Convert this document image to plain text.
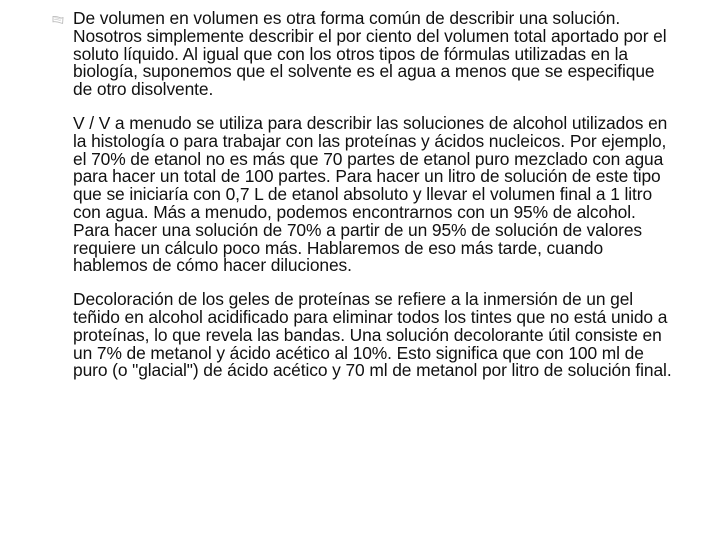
De volumen en volumen es otra forma común de describir una solución. Nosotros simplemente describir el por ciento del volumen total aportado por el soluto líquido. Al igual que con los otros tipos de fórmulas utilizadas en la biología, suponemos que el solvente es el agua a menos que se especifique de otro disolvente.

V / V a menudo se utiliza para describir las soluciones de alcohol utilizados en la histología o para trabajar con las proteínas y ácidos nucleicos. Por ejemplo, el 70% de etanol no es más que 70 partes de etanol puro mezclado con agua para hacer un total de 100 partes. Para hacer un litro de solución de este tipo que se iniciaría con 0,7 L de etanol absoluto y llevar el volumen final a 1 litro con agua. Más a menudo, podemos encontrarnos con un 95% de alcohol. Para hacer una solución de 70% a partir de un 95% de solución de valores requiere un cálculo poco más. Hablaremos de eso más tarde, cuando hablemos de cómo hacer diluciones.

Decoloración de los geles de proteínas se refiere a la inmersión de un gel teñido en alcohol acidificado para eliminar todos los tintes que no está unido a proteínas, lo que revela las bandas. Una solución decolorante útil consiste en un 7% de metanol y ácido acético al 10%. Esto significa que con 100 ml de puro (o "glacial") de ácido acético y 70 ml de metanol por litro de solución final.
